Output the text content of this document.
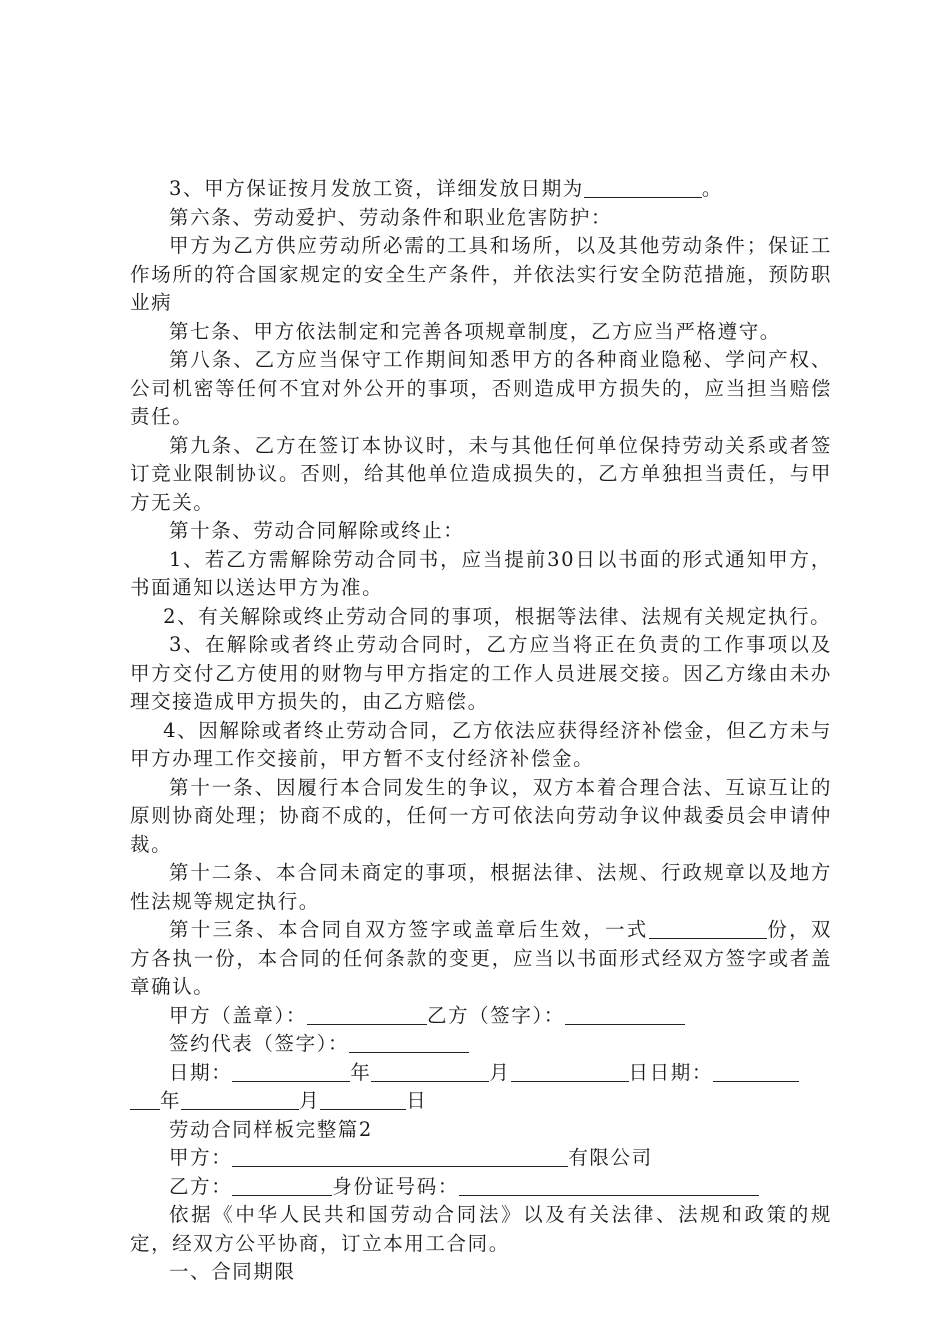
3、甲方保证按月发放工资，详细发放日期为	。

第六条、劳动爱护、劳动条件和职业危害防护：

甲方为乙方供应劳动所必需的工具和场所，以及其他劳动条件；保证工作场所的符合国家规定的安全生产条件，并依法实行安全防范措施，预防职业病

第七条、甲方依法制定和完善各项规章制度，乙方应当严格遵守。

第八条、乙方应当保守工作期间知悉甲方的各种商业隐秘、学问产权、公司机密等任何不宜对外公开的事项，否则造成甲方损失的，应当担当赔偿责任。

第九条、乙方在签订本协议时，未与其他任何单位保持劳动关系或者签订竞业限制协议。否则，给其他单位造成损失的，乙方单独担当责任，与甲方无关。

第十条、劳动合同解除或终止：

1、若乙方需解除劳动合同书，应当提前30日以书面的形式通知甲方，书面通知以送达甲方为准。

2、有关解除或终止劳动合同的事项，根据等法律、法规有关规定执行。

3、在解除或者终止劳动合同时，乙方应当将正在负责的工作事项以及甲方交付乙方使用的财物与甲方指定的工作人员进展交接。因乙方缘由未办理交接造成甲方损失的，由乙方赔偿。

4、因解除或者终止劳动合同，乙方依法应获得经济补偿金，但乙方未与甲方办理工作交接前，甲方暂不支付经济补偿金。

第十一条、因履行本合同发生的争议，双方本着合理合法、互谅互让的原则协商处理；协商不成的，任何一方可依法向劳动争议仲裁委员会申请仲裁。

第十二条、本合同未商定的事项，根据法律、法规、行政规章以及地方性法规等规定执行。

第十三条、本合同自双方签字或盖章后生效，一式	份，双方各执一份，本合同的任何条款的变更，应当以书面形式经双方签字或者盖章确认。

甲方（盖章）：	乙方（签字）：

签约代表（签字）：

日期：	年	月	日日期：

年	月	日

劳动合同样板完整篇2

甲方：	有限公司

乙方：	身份证号码：

依据《中华人民共和国劳动合同法》以及有关法律、法规和政策的规定，经双方公平协商，订立本用工合同。

一、合同期限
